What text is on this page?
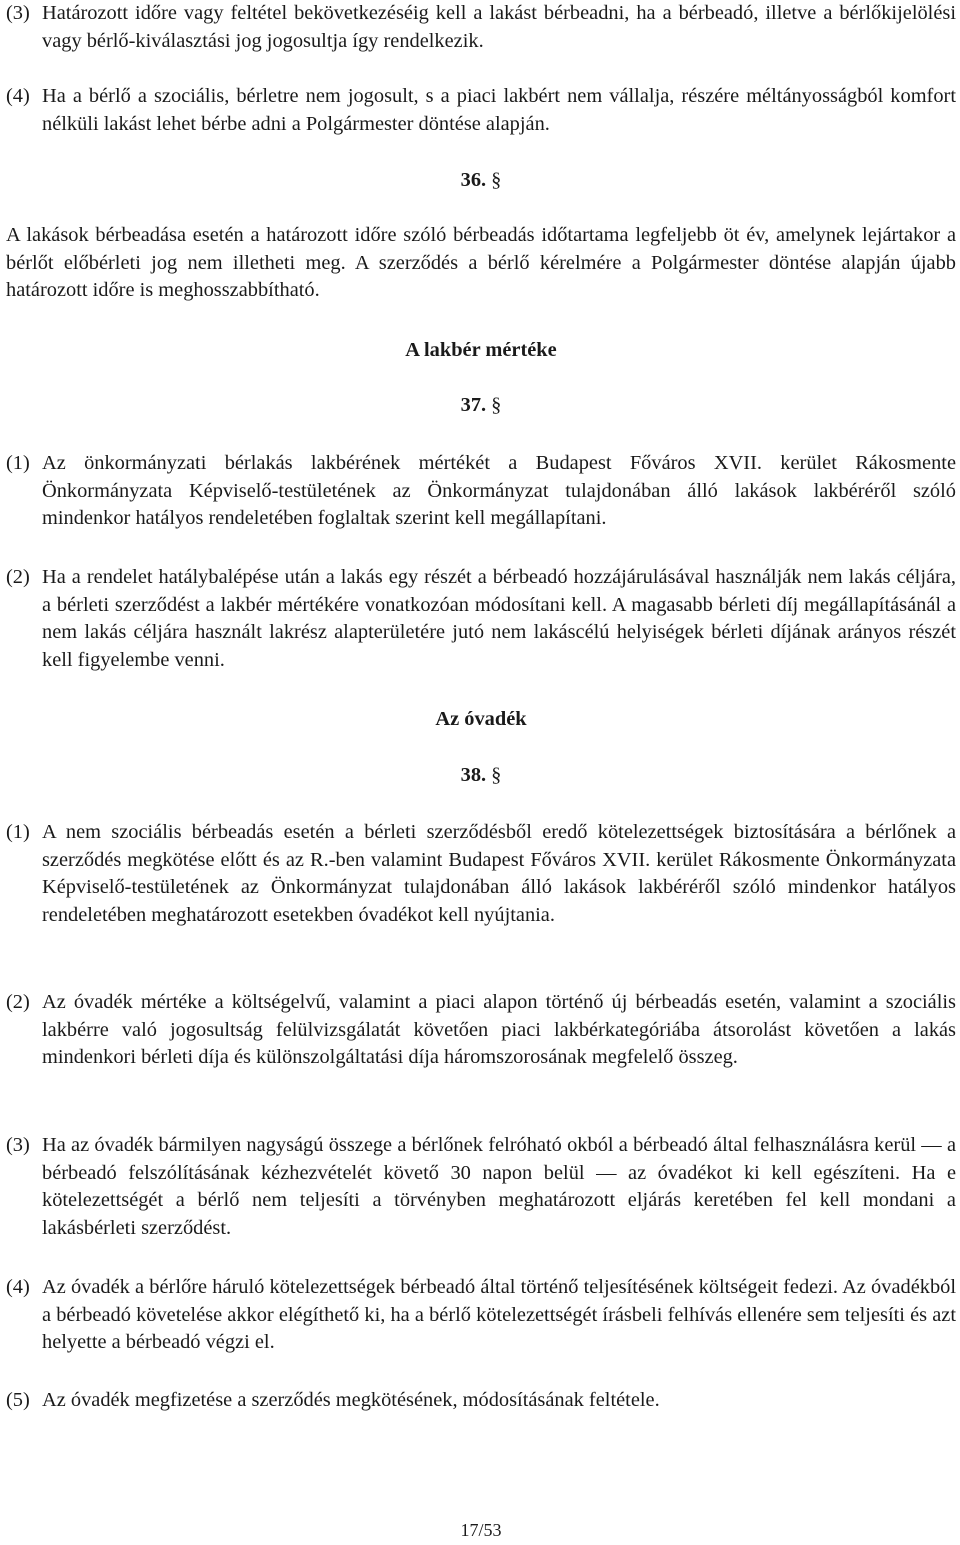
(3) Határozott időre vagy feltétel bekövetkezéséig kell a lakást bérbeadni, ha a bérbeadó, illetve a bérlőkijelölési vagy bérlő-kiválasztási jog jogosultja így rendelkezik.

(4) Ha a bérlő a szociális, bérletre nem jogosult, s a piaci lakbért nem vállalja, részére méltányosságból komfort nélküli lakást lehet bérbe adni a Polgármester döntése alapján.

36. §

A lakások bérbeadása esetén a határozott időre szóló bérbeadás időtartama legfeljebb öt év, amelynek lejártakor a bérlőt előbérleti jog nem illetheti meg. A szerződés a bérlő kérelmére a Polgármester döntése alapján újabb határozott időre is meghosszabbítható.

A lakbér mértéke
37. §

(1) Az önkormányzati bérlakás lakbérének mértékét a Budapest Főváros XVII. kerület Rákosmente Önkormányzata Képviselő-testületének az Önkormányzat tulajdonában álló lakások lakbéréről szóló mindenkor hatályos rendeletében foglaltak szerint kell megállapítani.

(2) Ha a rendelet hatálybalépése után a lakás egy részét a bérbeadó hozzájárulásával használják nem lakás céljára, a bérleti szerződést a lakbér mértékére vonatkozóan módosítani kell. A magasabb bérleti díj megállapításánál a nem lakás céljára használt lakrész alapterületére jutó nem lakáscélú helyiségek bérleti díjának arányos részét kell figyelembe venni.

Az óvadék
38. §

(1) A nem szociális bérbeadás esetén a bérleti szerződésből eredő kötelezettségek biztosítására a bérlőnek a szerződés megkötése előtt és az R.-ben valamint Budapest Főváros XVII. kerület Rákosmente Önkormányzata Képviselő-testületének az Önkormányzat tulajdonában álló lakások lakbéréről szóló mindenkor hatályos rendeletében meghatározott esetekben óvadékot kell nyújtania.

(2) Az óvadék mértéke a költségelvű, valamint a piaci alapon történő új bérbeadás esetén, valamint a szociális lakbérre való jogosultság felülvizsgálatát követően piaci lakbérkategóriába átsorolást követően a lakás mindenkori bérleti díja és különszolgáltatási díja háromszorosának megfelelő összeg.

(3) Ha az óvadék bármilyen nagyságú összege a bérlőnek felróható okból a bérbeadó által felhasználásra kerül — a bérbeadó felszólításának kézhezvételét követő 30 napon belül — az óvadékot ki kell egészíteni. Ha e kötelezettségét a bérlő nem teljesíti a törvényben meghatározott eljárás keretében fel kell mondani a lakásbérleti szerződést.

(4) Az óvadék a bérlőre háruló kötelezettségek bérbeadó által történő teljesítésének költségeit fedezi. Az óvadékból a bérbeadó követelése akkor elégíthető ki, ha a bérlő kötelezettségét írásbeli felhívás ellenére sem teljesíti és azt helyette a bérbeadó végzi el.

(5) Az óvadék megfizetése a szerződés megkötésének, módosításának feltétele.

17/53
